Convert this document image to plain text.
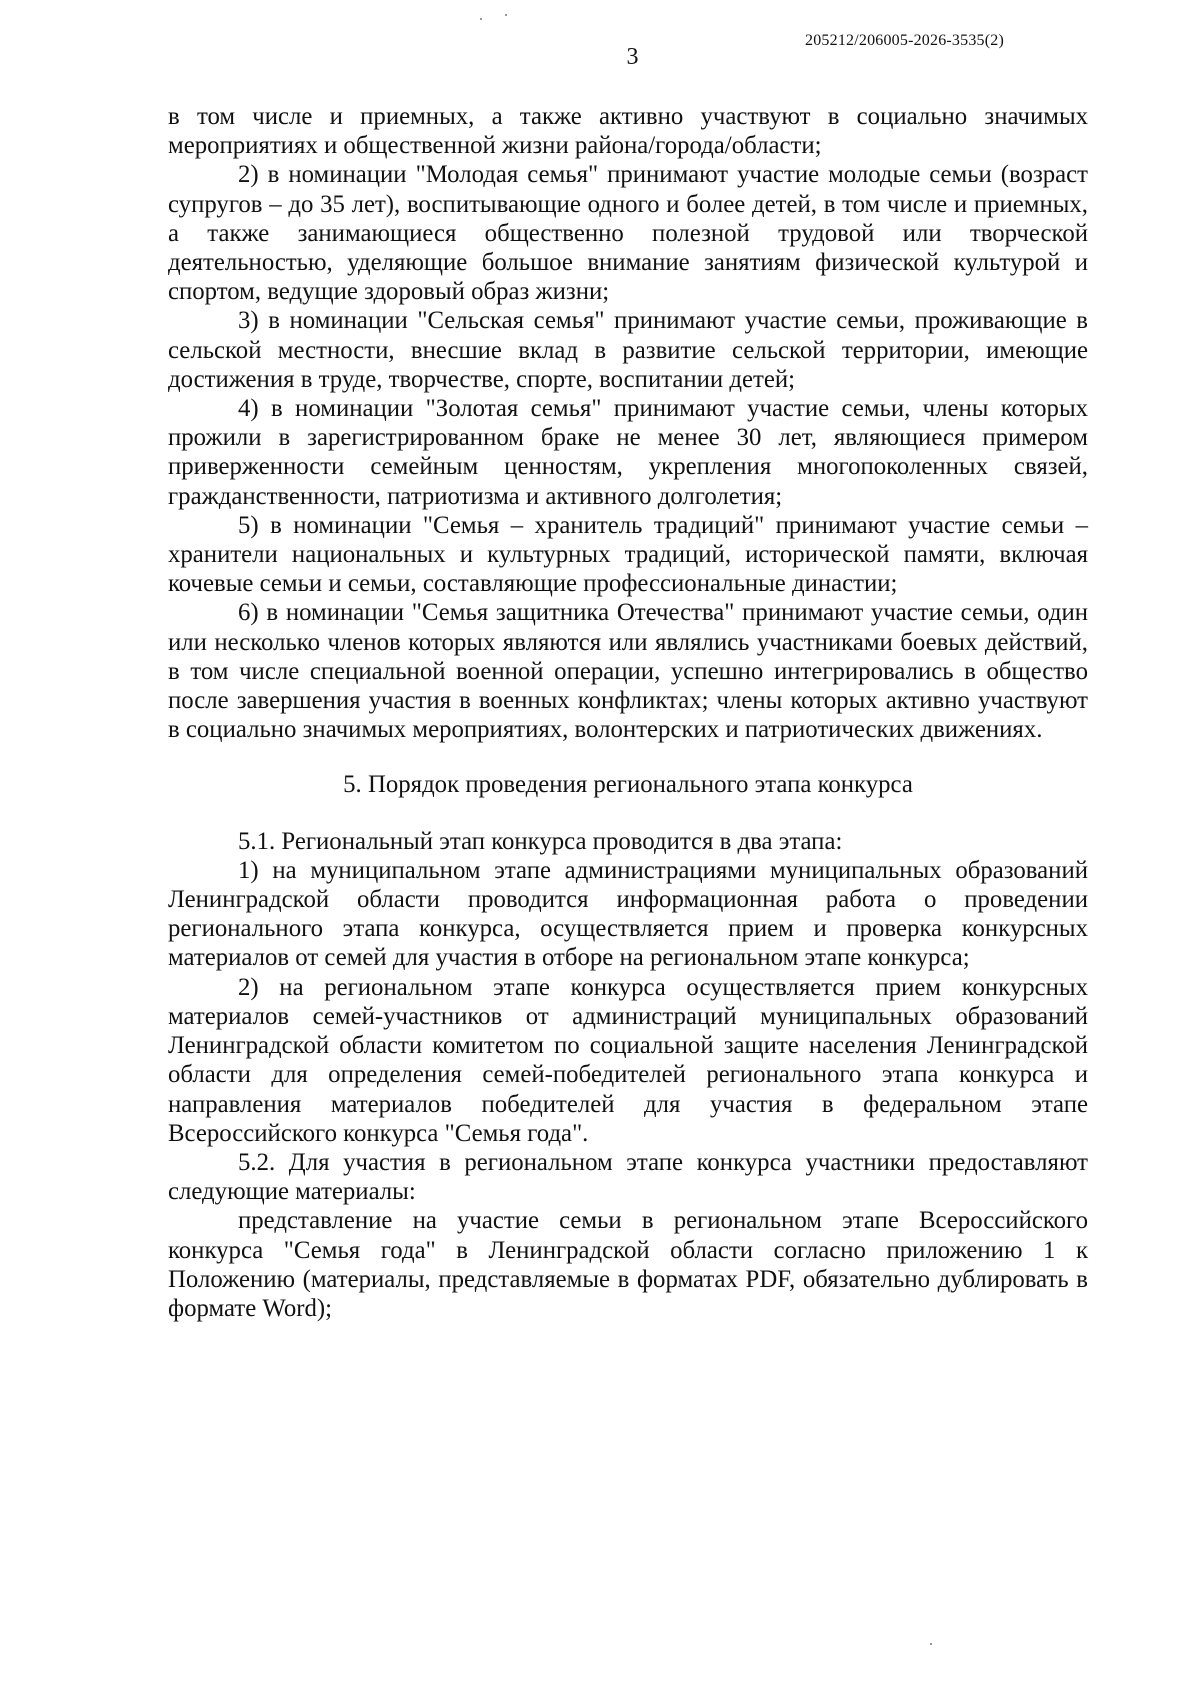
205212/206005-2026-3535(2)
3

в том числе и приемных, а также активно участвуют в социально значимых мероприятиях и общественной жизни района/города/области;

2) в номинации "Молодая семья" принимают участие молодые семьи (возраст супругов – до 35 лет), воспитывающие одного и более детей, в том числе и приемных, а также занимающиеся общественно полезной трудовой или творческой деятельностью, уделяющие большое внимание занятиям физической культурой и спортом, ведущие здоровый образ жизни;

3) в номинации "Сельская семья" принимают участие семьи, проживающие в сельской местности, внесшие вклад в развитие сельской территории, имеющие достижения в труде, творчестве, спорте, воспитании детей;

4) в номинации "Золотая семья" принимают участие семьи, члены которых прожили в зарегистрированном браке не менее 30 лет, являющиеся примером приверженности семейным ценностям, укрепления многопоколенных связей, гражданственности, патриотизма и активного долголетия;

5) в номинации "Семья – хранитель традиций" принимают участие семьи – хранители национальных и культурных традиций, исторической памяти, включая кочевые семьи и семьи, составляющие профессиональные династии;

6) в номинации "Семья защитника Отечества" принимают участие семьи, один или несколько членов которых являются или являлись участниками боевых действий, в том числе специальной военной операции, успешно интегрировались в общество после завершения участия в военных конфликтах; члены которых активно участвуют в социально значимых мероприятиях, волонтерских и патриотических движениях.

5. Порядок проведения регионального этапа конкурса

5.1. Региональный этап конкурса проводится в два этапа:

1) на муниципальном этапе администрациями муниципальных образований Ленинградской области проводится информационная работа о проведении регионального этапа конкурса, осуществляется прием и проверка конкурсных материалов от семей для участия в отборе на региональном этапе конкурса;

2) на региональном этапе конкурса осуществляется прием конкурсных материалов семей-участников от администраций муниципальных образований Ленинградской области комитетом по социальной защите населения Ленинградской области для определения семей-победителей регионального этапа конкурса и направления материалов победителей для участия в федеральном этапе Всероссийского конкурса "Семья года".

5.2. Для участия в региональном этапе конкурса участники предоставляют следующие материалы:

представление на участие семьи в региональном этапе Всероссийского конкурса "Семья года" в Ленинградской области согласно приложению 1 к Положению (материалы, представляемые в форматах PDF, обязательно дублировать в формате Word);
